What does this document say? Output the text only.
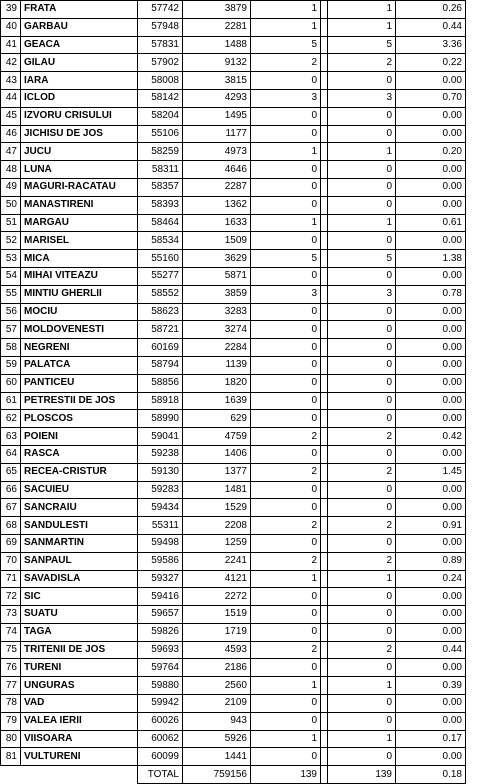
39	FRATA	57742	3879	1		1	0.26
40	GARBAU	57948	2281	1		1	0.44
41	GEACA	57831	1488	5		5	3.36
42	GILAU	57902	9132	2		2	0.22
43	IARA	58008	3815	0		0	0.00
44	ICLOD	58142	4293	3		3	0.70
45	IZVORU CRISULUI	58204	1495	0		0	0.00
46	JICHISU DE JOS	55106	1177	0		0	0.00
47	JUCU	58259	4973	1		1	0.20
48	LUNA	58311	4646	0		0	0.00
49	MAGURI-RACATAU	58357	2287	0		0	0.00
50	MANASTIRENI	58393	1362	0		0	0.00
51	MARGAU	58464	1633	1		1	0.61
52	MARISEL	58534	1509	0		0	0.00
53	MICA	55160	3629	5		5	1.38
54	MIHAI VITEAZU	55277	5871	0		0	0.00
55	MINTIU GHERLII	58552	3859	3		3	0.78
56	MOCIU	58623	3283	0		0	0.00
57	MOLDOVENESTI	58721	3274	0		0	0.00
58	NEGRENI	60169	2284	0		0	0.00
59	PALATCA	58794	1139	0		0	0.00
60	PANTICEU	58856	1820	0		0	0.00
61	PETRESTII DE JOS	58918	1639	0		0	0.00
62	PLOSCOS	58990	629	0		0	0.00
63	POIENI	59041	4759	2		2	0.42
64	RASCA	59238	1406	0		0	0.00
65	RECEA-CRISTUR	59130	1377	2		2	1.45
66	SACUIEU	59283	1481	0		0	0.00
67	SANCRAIU	59434	1529	0		0	0.00
68	SANDULESTI	55311	2208	2		2	0.91
69	SANMARTIN	59498	1259	0		0	0.00
70	SANPAUL	59586	2241	2		2	0.89
71	SAVADISLA	59327	4121	1		1	0.24
72	SIC	59416	2272	0		0	0.00
73	SUATU	59657	1519	0		0	0.00
74	TAGA	59826	1719	0		0	0.00
75	TRITENII DE JOS	59693	4593	2		2	0.44
76	TURENI	59764	2186	0		0	0.00
77	UNGURAS	59880	2560	1		1	0.39
78	VAD	59942	2109	0		0	0.00
79	VALEA IERII	60026	943	0		0	0.00
80	VIISOARA	60062	5926	1		1	0.17
81	VULTURENI	60099	1441	0		0	0.00
		TOTAL	759156	139		139	0.18
